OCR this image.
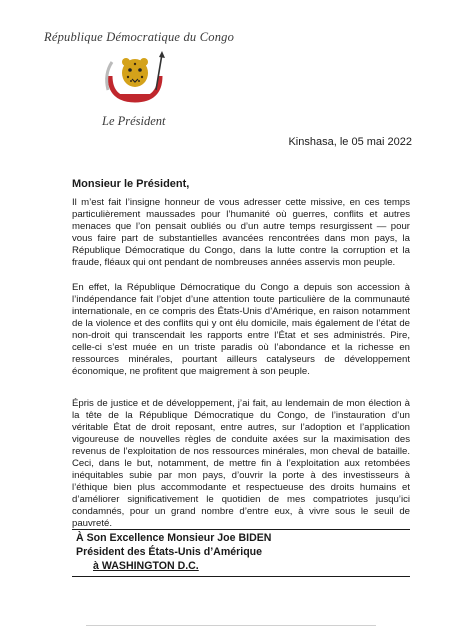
République Démocratique du Congo
Le Président
Kinshasa, le 05 mai 2022
Monsieur le Président,
Il m’est fait l’insigne honneur de vous adresser cette missive, en ces temps particulièrement maussades pour l’humanité où guerres, conflits et autres menaces que l’on pensait oubliés ou d’un autre temps resurgissent — pour vous faire part de substantielles avancées rencontrées dans mon pays, la République Démocratique du Congo, dans la lutte contre la corruption et la fraude, fléaux qui ont pendant de nombreuses années asservis mon peuple.
En effet, la République Démocratique du Congo a depuis son accession à l’indépendance fait l’objet d’une attention toute particulière de la communauté internationale, en ce compris des États-Unis d’Amérique, en raison notamment de la violence et des conflits qui y ont élu domicile, mais également de l’état de non-droit qui transcendait les rapports entre l’État et ses administrés. Pire, celle-ci s’est muée en un triste paradis où l’abondance et la richesse en ressources minérales, pourtant ailleurs catalyseurs de développement économique, ne profitent que maigrement à son peuple.
Épris de justice et de développement, j’ai fait, au lendemain de mon élection à la tête de la République Démocratique du Congo, de l’instauration d’un véritable État de droit reposant, entre autres, sur l’adoption et l’application vigoureuse de nouvelles règles de conduite axées sur la maximisation des revenus de l’exploitation de nos ressources minérales, mon cheval de bataille. Ceci, dans le but, notamment, de mettre fin à l’exploitation aux retombées inéquitables subie par mon pays, d’ouvrir la porte à des investisseurs à l’éthique bien plus accommodante et respectueuse des droits humains et d’améliorer significativement le quotidien de mes compatriotes jusqu’ici condamnés, pour un grand nombre d’entre eux, à vivre sous le seuil de pauvreté.
À Son Excellence Monsieur Joe BIDEN
Président des États-Unis d’Amérique
à WASHINGTON D.C.
